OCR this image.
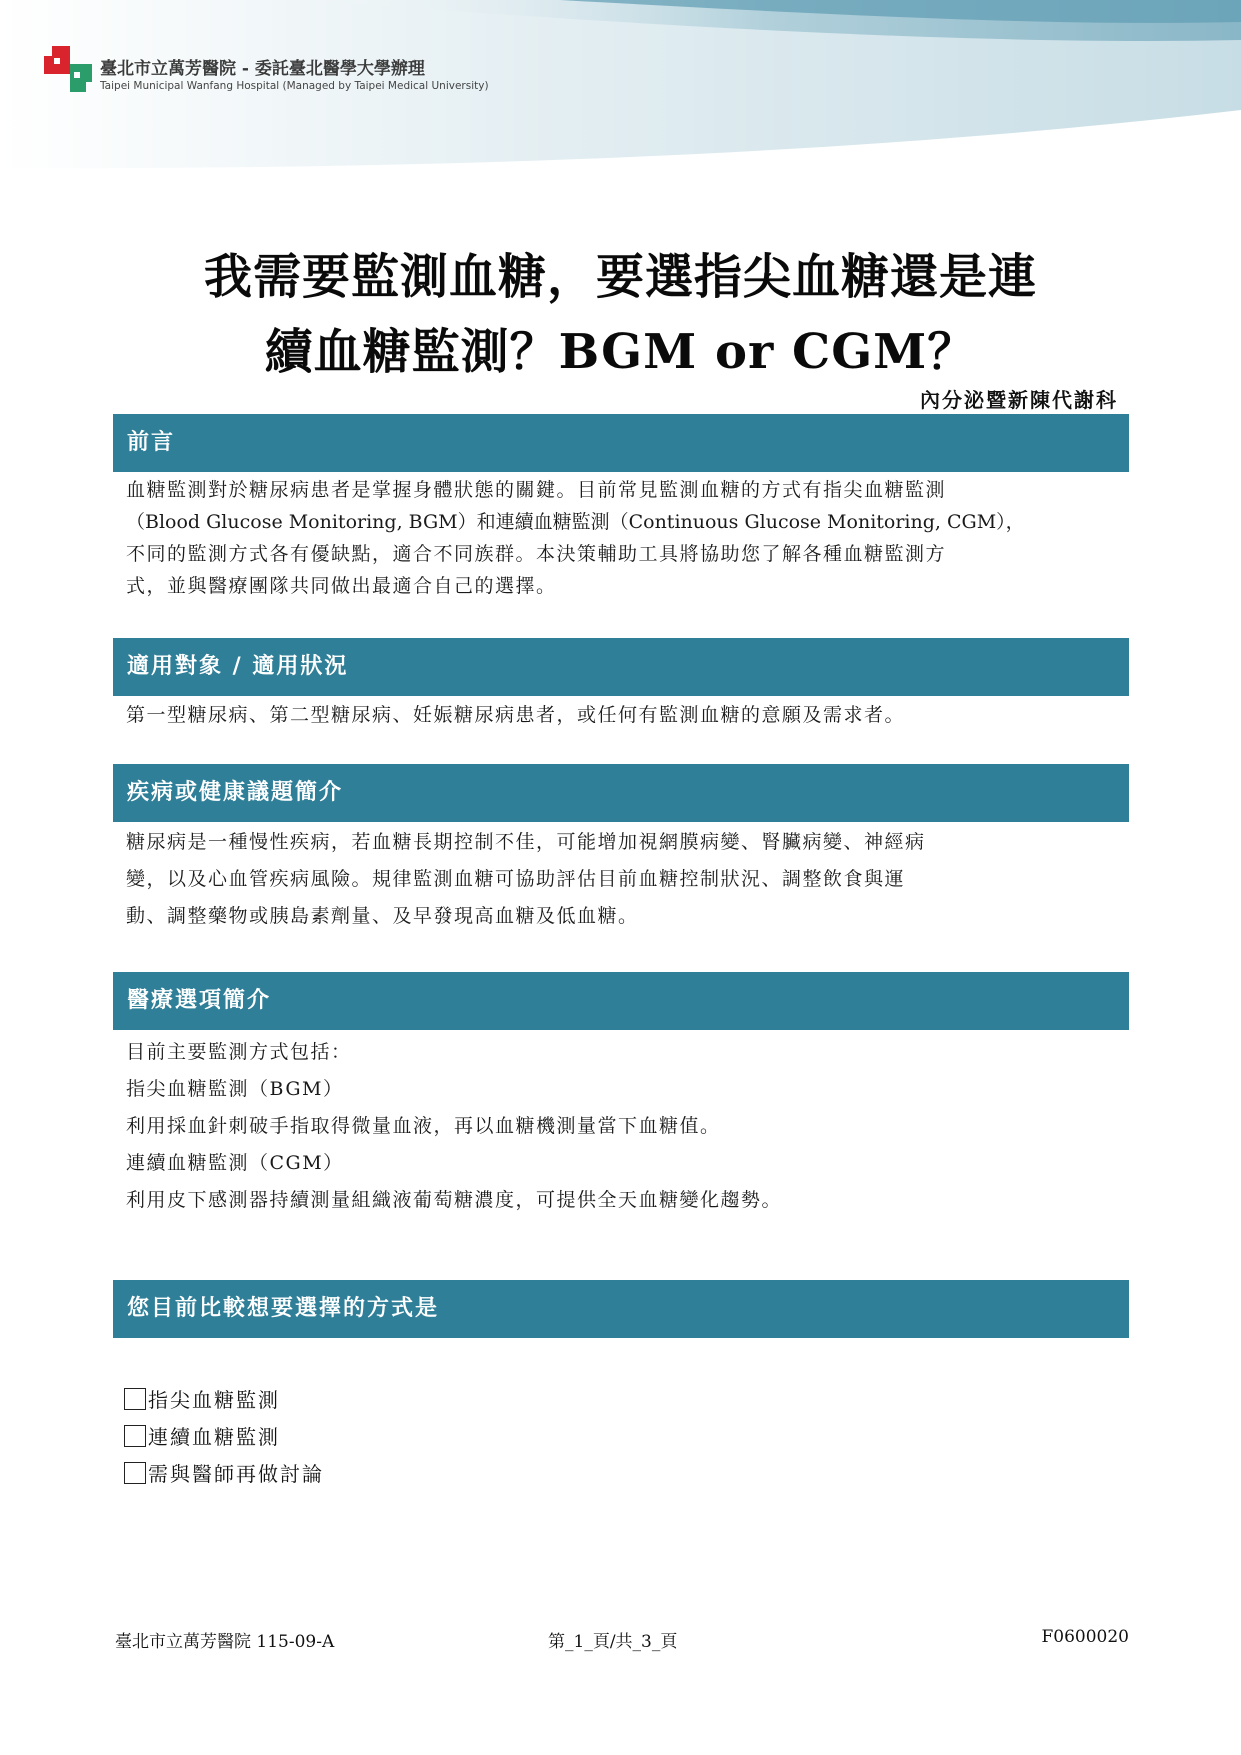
臺北市立萬芳醫院 - 委託臺北醫學大學辦理
Taipei Municipal Wanfang Hospital (Managed by Taipei Medical University)
我需要監測血糖，要選指尖血糖還是連
續血糖監測？BGM or CGM？
內分泌暨新陳代謝科
前言
血糖監測對於糖尿病患者是掌握身體狀態的關鍵。目前常見監測血糖的方式有指尖血糖監測
（Blood Glucose Monitoring, BGM）和連續血糖監測（Continuous Glucose Monitoring, CGM），
不同的監測方式各有優缺點，適合不同族群。本決策輔助工具將協助您了解各種血糖監測方
式，並與醫療團隊共同做出最適合自己的選擇。
適用對象 / 適用狀況
第一型糖尿病、第二型糖尿病、妊娠糖尿病患者，或任何有監測血糖的意願及需求者。
疾病或健康議題簡介
糖尿病是一種慢性疾病，若血糖長期控制不佳，可能增加視網膜病變、腎臟病變、神經病
變，以及心血管疾病風險。規律監測血糖可協助評估目前血糖控制狀況、調整飲食與運
動、調整藥物或胰島素劑量、及早發現高血糖及低血糖。
醫療選項簡介
目前主要監測方式包括：
指尖血糖監測（BGM）
利用採血針刺破手指取得微量血液，再以血糖機測量當下血糖值。
連續血糖監測（CGM）
利用皮下感測器持續測量組織液葡萄糖濃度，可提供全天血糖變化趨勢。
您目前比較想要選擇的方式是
指尖血糖監測
連續血糖監測
需與醫師再做討論
臺北市立萬芳醫院 115-09-A	第_1_頁/共_3_頁	F0600020
